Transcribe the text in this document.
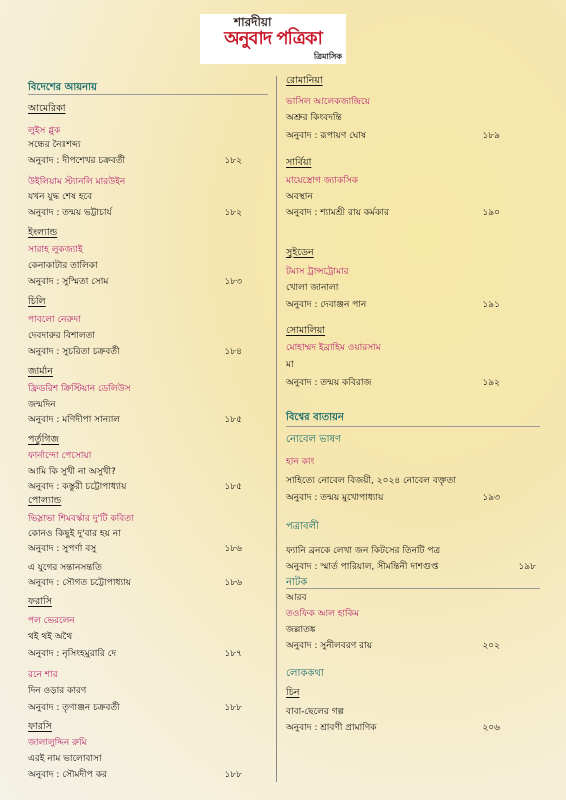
শারদীয়া
অনুবাদ পত্রিকা
ত্রিমাসিক
বিদেশের আয়নায়
আমেরিকা
লুইস গ্লুক
সন্ধের নৈঃশব্দ্য
অনুবাদ : দীপশেখর চক্রবর্তী	১৮২
উইলিয়াম স্ট্যানলি মারউইন
যখন যুদ্ধ শেষ হবে
অনুবাদ : তন্ময় ভট্টাচার্য	১৮২
ইংল্যান্ড
সারাহ লুকজ্যাই
কেনাকাটার তালিকা
অনুবাদ : সুস্মিতা সোম	১৮৩
চিলি
পাবলো নেরুদা
দেবদারুর বিশালতা
অনুবাদ : সুচরিতা চক্রবর্তী	১৮৪
জার্মান
ফ্রিডরিশ ক্রিস্টিয়ান ডেলিউস
জন্মদিন
অনুবাদ : মণিদীপা সান্যাল	১৮৫
পর্তুগিজ
ফার্নান্দো পেসোয়া
আমি কি সুখী না অসুখী?
অনুবাদ : কস্তুরী চট্টোপাধ্যায়	১৮৫
পোল্যান্ড
ভিস্লাভা শিমবর্স্কার দু'টি কবিতা
কোনও কিছুই দু'বার হয় না
অনুবাদ : সুপর্ণা বসু	১৮৬
এ যুগের সন্তানসন্ততি
অনুবাদ : সৌগত চট্টোপাধ্যায়	১৮৬
ফরাসি
পল ভেরলেন
থই থই অথৈ
অনুবাদ : নৃসিংহমুরারি দে	১৮৭
রনে শার
দিন ওড়ার কারণ
অনুবাদ : তৃণাঞ্জন চক্রবর্তী	১৮৮
ফারসি
জালালুদ্দিন রুমি
এরই নাম ভালোবাসা
অনুবাদ : সৌমদীপ কর	১৮৮
রোমানিয়া
ভাসিল আলেকজান্দ্রিয়ে
অশ্রুর কিংবদন্তি
অনুবাদ : রূপায়ণ ঘোষ	১৮৯
সার্বিয়া
মায়েস্ত্রোগ জ্যাকসিক
অবস্থান
অনুবাদ : শ্যামশ্রী রায় কর্মকার	১৯০
সুইডেন
টমাস ট্রান্সট্রোমার
খোলা জানালা
অনুবাদ : দেবাঞ্জন পান	১৯১
সোমালিয়া
মোহাম্মদ ইব্রাহিম ওয়ারসাম
মা
অনুবাদ : তন্ময় কবিরাজ	১৯২
বিশ্বের বাতায়ন
নোবেল ভাষণ
হান কাং
সাহিত্যে নোবেল বিজয়ী, ২০২৪ নোবেল বক্তৃতা
অনুবাদ : তন্ময় মুখোপাধ্যায়	১৯৩
পত্রাবলী
ফ্যানি ব্রনকে লেখা জন কিটসের তিনটি পত্র
অনুবাদ : স্মার্ত পারিয়াল, সীমন্তিনী দাশগুপ্ত	১৯৮
নাটক
আরব
তওফিক আল হাকিম
জল্লাতঙ্ক
অনুবাদ : সুনীলবরণ রায়	২০২
লোককথা
চিন
বাবা-ছেলের গল্প
অনুবাদ : শ্রাবণী প্রামাণিক	২০৬
